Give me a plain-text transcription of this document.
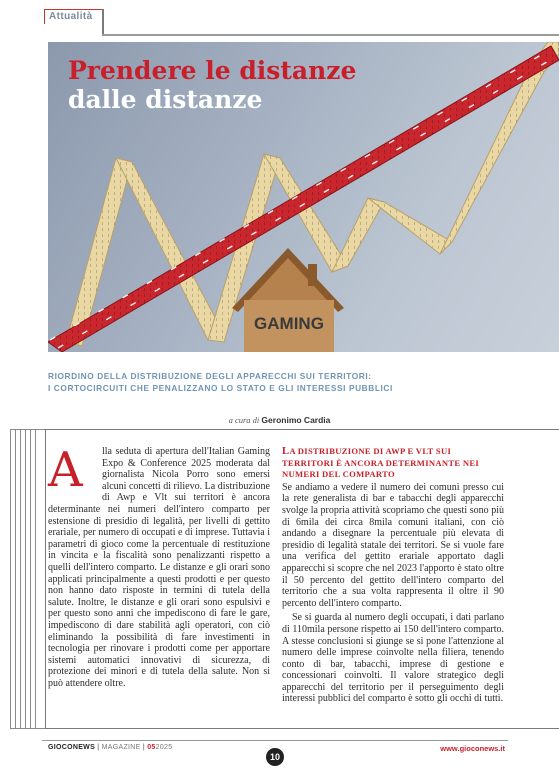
Attualità
GAMING
Prendere le distanze
dalle distanze
RIORDINO DELLA DISTRIBUZIONE DEGLI APPARECCHI SUI TERRITORI:
I CORTOCIRCUITI CHE PENALIZZANO LO STATO E GLI INTERESSI PUBBLICI
a cura di Geronimo Cardia
A	lla seduta di apertura dell'Italian Gaming Expo & Conference 2025 moderata dal giornalista Nicola Porro sono emersi alcuni concetti di rilievo. La distribuzione di Awp e Vlt sui territori è ancora determinante nei numeri dell'intero comparto per estensione di presidio di legalità, per livelli di gettito erariale, per numero di occupati e di imprese. Tuttavia i parametri di gioco come la percentuale di restituzione in vincita e la fiscalità sono penalizzanti rispetto a quelli dell'intero comparto. Le distanze e gli orari sono applicati principalmente a questi prodotti e per questo non hanno dato risposte in termini di tutela della salute. Inoltre, le distanze e gli orari sono espulsivi e per questo sono anni che impediscono di fare le gare, impediscono di dare stabilità agli operatori, con ciò eliminando la possibilità di fare investimenti in tecnologia per rinovare i prodotti come per apportare sistemi automatici innovativi di sicurezza, di protezione dei minori e di tutela della salute. Non si può attendere oltre.

LA DISTRIBUZIONE DI AWP E VLT SUI TERRITORI È ANCORA DETERMINANTE NEI NUMERI DEL COMPARTO

Se andiamo a vedere il numero dei comuni presso cui la rete generalista di bar e tabacchi degli apparecchi svolge la propria attività scopriamo che questi sono più di 6mila dei circa 8mila comuni italiani, con ciò andando a disegnare la percentuale più elevata di presidio di legalità statale dei territori. Se si vuole fare una verifica del gettito erariale apportato dagli apparecchi si scopre che nel 2023 l'apporto è stato oltre il 50 percento del gettito dell'intero comparto del territorio che a sua volta rappresenta il oltre il 90 percento dell'intero comparto.

Se si guarda al numero degli occupati, i dati parlano di 110mila persone rispetto ai 150 dell'intero comparto. A stesse conclusioni si giunge se si pone l'attenzione al numero delle imprese coinvolte nella filiera, tenendo conto di bar, tabacchi, imprese di gestione e concessionari coinvolti. Il valore strategico degli apparecchi del territorio per il perseguimento degli interessi pubblici del comparto è sotto gli occhi di tutti.

GIOCONEWS | MAGAZINE | 052025
10
www.gioconews.it
